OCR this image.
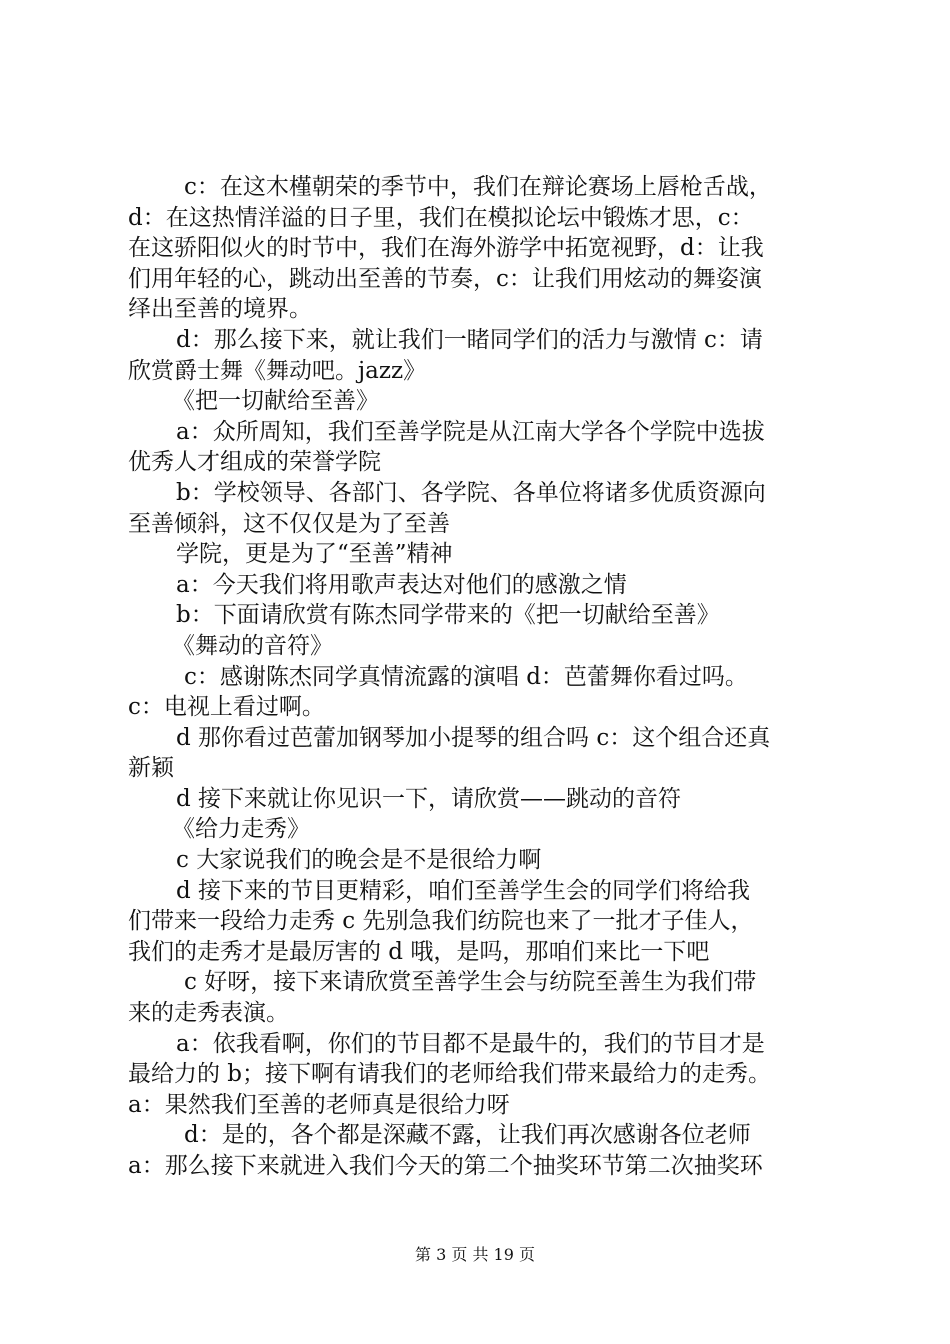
c：在这木槿朝荣的季节中，我们在辩论赛场上唇枪舌战，
d：在这热情洋溢的日子里，我们在模拟论坛中锻炼才思，c：
在这骄阳似火的时节中，我们在海外游学中拓宽视野，d：让我
们用年轻的心，跳动出至善的节奏，c：让我们用炫动的舞姿演
绎出至善的境界。
d：那么接下来，就让我们一睹同学们的活力与激情 c：请
欣赏爵士舞《舞动吧。jazz》
《把一切献给至善》
a：众所周知，我们至善学院是从江南大学各个学院中选拔
优秀人才组成的荣誉学院
b：学校领导、各部门、各学院、各单位将诸多优质资源向
至善倾斜，这不仅仅是为了至善
学院，更是为了“至善”精神
a：今天我们将用歌声表达对他们的感激之情
b：下面请欣赏有陈杰同学带来的《把一切献给至善》
《舞动的音符》
c：感谢陈杰同学真情流露的演唱 d：芭蕾舞你看过吗。
c：电视上看过啊。
d 那你看过芭蕾加钢琴加小提琴的组合吗 c：这个组合还真
新颖
d 接下来就让你见识一下，请欣赏——跳动的音符
《给力走秀》
c 大家说我们的晚会是不是很给力啊
d 接下来的节目更精彩，咱们至善学生会的同学们将给我
们带来一段给力走秀 c 先别急我们纺院也来了一批才子佳人，
我们的走秀才是最厉害的 d 哦，是吗，那咱们来比一下吧
c 好呀，接下来请欣赏至善学生会与纺院至善生为我们带
来的走秀表演。
a：依我看啊，你们的节目都不是最牛的，我们的节目才是
最给力的 b；接下啊有请我们的老师给我们带来最给力的走秀。
a：果然我们至善的老师真是很给力呀
d：是的，各个都是深藏不露，让我们再次感谢各位老师
a：那么接下来就进入我们今天的第二个抽奖环节第二次抽奖环
第 3 页 共 19 页
